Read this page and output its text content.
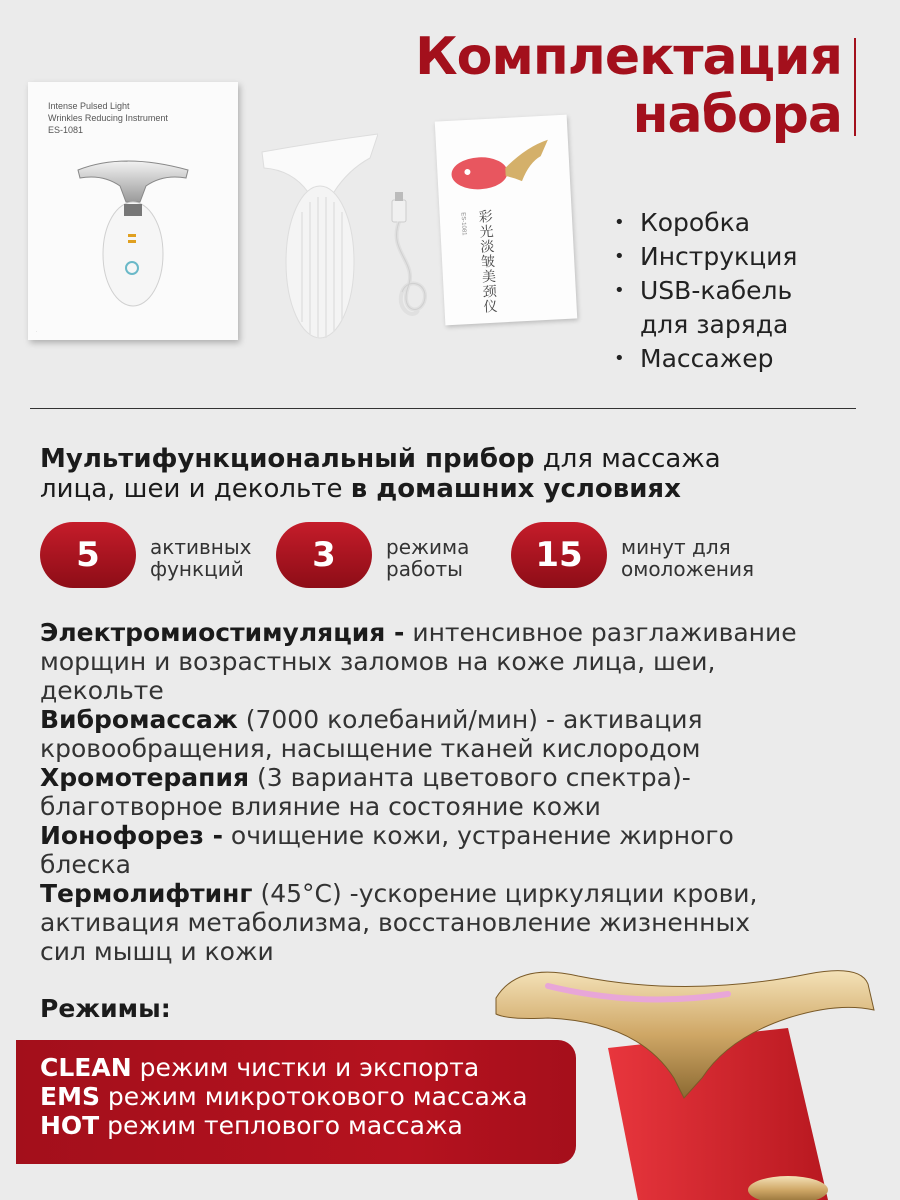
Комплектация
набора
Intense Pulsed Light
Wrinkles Reducing Instrument
ES-1081
·
ES-1081 彩光淡皱美颈仪
•	Коробка
• Инструкция
• USB-кабель
для заряда
• Массажер
Мультифункциональный прибор для массажа лица, шеи и декольте в домашних условиях
5	активных
функций	3	режима
работы	15	минут для
омоложения

Электромиостимуляция - интенсивное разглаживание морщин и возрастных заломов на коже лица, шеи, декольте

Вибромассаж (7000 колебаний/мин) - активация кровообращения, насыщение тканей кислородом

Хромотерапия (3 варианта цветового спектра)- благотворное влияние на состояние кожи

Ионофорез - очищение кожи, устранение жирного блеска

Термолифтинг (45°C) -ускорение циркуляции крови, активация метаболизма, восстановление жизненных сил мышц и кожи

Режимы:
CLEAN режим чистки и экспорта
EMS режим микротокового массажа
HOT режим теплового массажа
